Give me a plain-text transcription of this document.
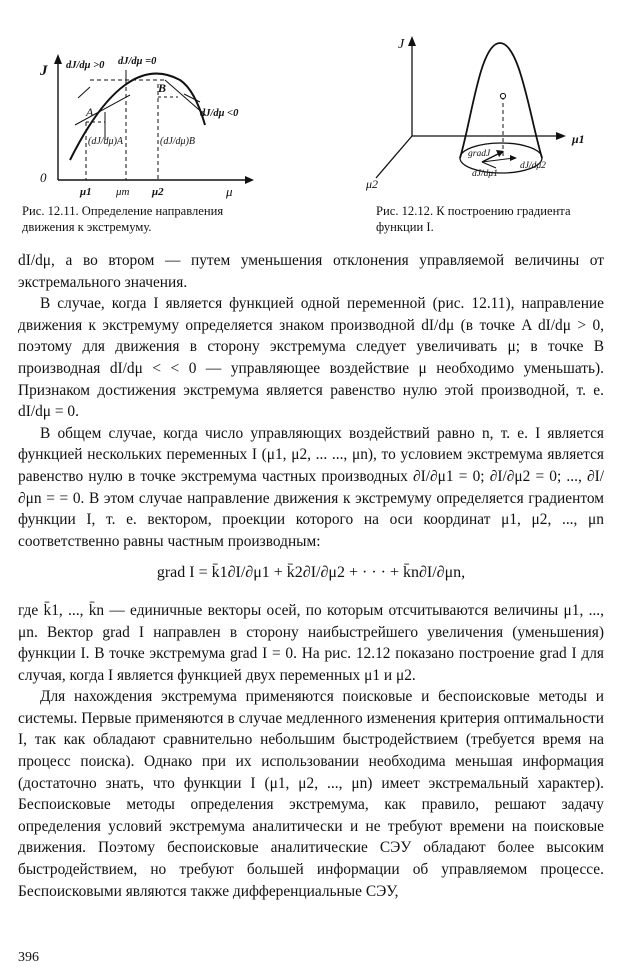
J
0
μ
dJ/dμ >0 dJ/dμ =0
dJ/dμ <0
A
B
(dJ/dμ)A	(dJ/dμ)B
μ1 μm μ2
Рис. 12.11. Определение направления движения к экстремуму.
J
μ1
μ2
gradJ
dJ/dμ1
dJ/dμ2
Рис. 12.12. К построению градиента функции I.

dI/dμ, а во втором — путем уменьшения отклонения управляемой величины от экстремального значения.

В случае, когда I является функцией одной переменной (рис. 12.11), направление движения к экстремуму определяется знаком производной dI/dμ (в точке A dI/dμ > 0, поэтому для движения в сторону экстремума следует увеличивать μ; в точке B производная dI/dμ < < 0 — управляющее воздействие μ необходимо уменьшать). Признаком достижения экстремума является равенство нулю этой производной, т. е. dI/dμ = 0.

В общем случае, когда число управляющих воздействий равно n, т. е. I является функцией нескольких переменных I (μ1, μ2, ... ..., μn), то условием экстремума является равенство нулю в точке экстремума частных производных ∂I/∂μ1 = 0; ∂I/∂μ2 = 0; ..., ∂I/∂μn = = 0. В этом случае направление движения к экстремуму определяется градиентом функции I, т. е. вектором, проекции которого на оси координат μ1, μ2, ..., μn соответственно равны частным производным:

grad I = k̄1∂I/∂μ1 + k̄2∂I/∂μ2 + · · · + k̄n∂I/∂μn,

где k̄1, ..., k̄n — единичные векторы осей, по которым отсчитываются величины μ1, ..., μn. Вектор grad I направлен в сторону наибыстрейшего увеличения (уменьшения) функции I. В точке экстремума grad I = 0. На рис. 12.12 показано построение grad I для случая, когда I является функцией двух переменных μ1 и μ2.

Для нахождения экстремума применяются поисковые и беспоисковые методы и системы. Первые применяются в случае медленного изменения критерия оптимальности I, так как обладают сравнительно небольшим быстродействием (требуется время на процесс поиска). Однако при их использовании необходима меньшая информация (достаточно знать, что функции I (μ1, μ2, ..., μn) имеет экстремальный характер). Беспоисковые методы определения экстремума, как правило, решают задачу определения условий экстремума аналитически и не требуют времени на поисковые движения. Поэтому беспоисковые аналитические СЭУ обладают более высоким быстродействием, но требуют большей информации об управляемом процессе. Беспоисковыми являются также дифференциальные СЭУ,

396
